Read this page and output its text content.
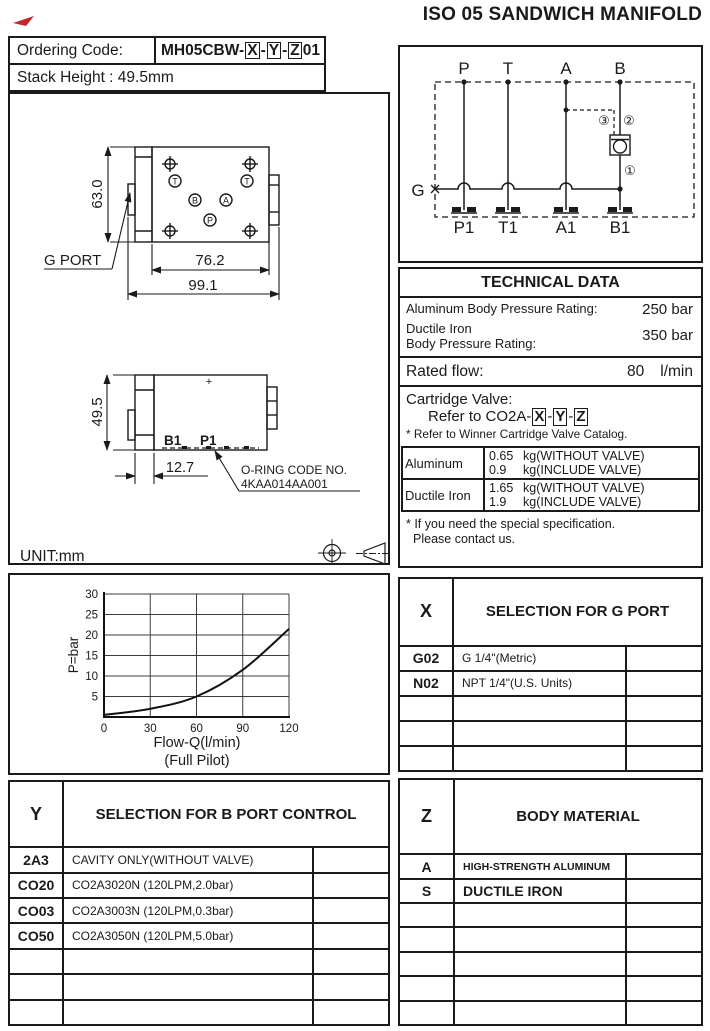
ISO 05 SANDWICH MANIFOLD
Ordering Code:	MH05CBW- X - Y - Z 01
Stack Height : 49.5mm
T	T
B	A
P
63.0
76.2
99.1
G PORT
+
B1 P1
49.5
12.7	O-RING CODE NO.
4KAA014AA001
UNIT:mm
P T	A	B
P1 T1 A1 B1
G
③ ②
①
TECHNICAL DATA
Aluminum Body Pressure Rating:	250 bar
Ductile Iron
Body Pressure Rating:	350 bar
Rated flow:	80 l/min
Cartridge Valve:
Refer to CO2A- X - Y - Z
* Refer to Winner Cartridge Valve Catalog.
Aluminum	0.65 kg(WITHOUT VALVE)
0.9 kg(INCLUDE VALVE)

Ductile Iron	1.65 kg(WITHOUT VALVE)
1.9 kg(INCLUDE VALVE)
* If you need the special specification.
Please contact us.
P=bar
Flow-Q(l/min)
(Full Pilot)
0	30	60	90	120
5
10
15
20
25
30
X	SELECTION FOR G PORT	
G02	G 1/4"(Metric)	
N02	NPT 1/4"(U.S. Units)	

Y	SELECTION FOR B PORT CONTROL	
2A3	CAVITY ONLY(WITHOUT VALVE)	
CO20	CO2A3020N (120LPM,2.0bar)	
CO03	CO2A3003N (120LPM,0.3bar)	
CO50	CO2A3050N (120LPM,5.0bar)	

Z	BODY MATERIAL	
A	HIGH-STRENGTH ALUMINUM	
S	DUCTILE IRON	
